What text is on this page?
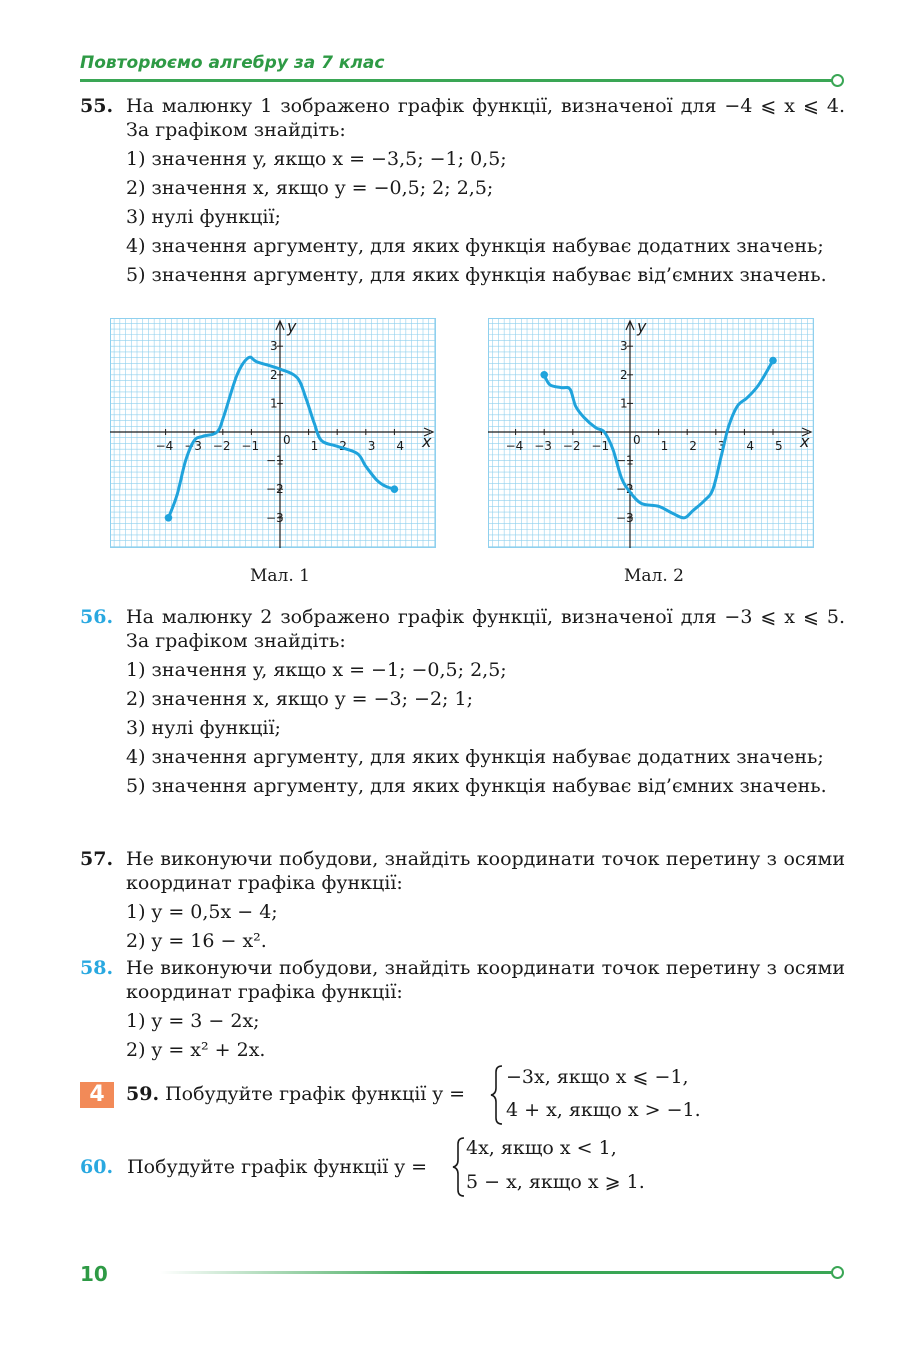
Повторюємо алгебру за 7 клас
55. На малюнку 1 зображено графік функції, визначеної для −4 ⩽ x ⩽ 4. За графіком знайдіть:
1) значення y, якщо x = −3,5; −1; 0,5;
2) значення x, якщо y = −0,5; 2; 2,5;
3) нулі функції;
4) значення аргументу, для яких функція набуває додатних значень;
5) значення аргументу, для яких функція набуває від’ємних значень.
x
y
0
−4 −3 −2 −1	1 2 3 4
3
2
1
−1
−2
−3
x
y
0
−4 −3 −2 −1	1 2 3 4 5
3
2
1
−1
−2
−3
Мал. 1	Мал. 2
56. На малюнку 2 зображено графік функції, визначеної для −3 ⩽ x ⩽ 5. За графіком знайдіть:
1) значення y, якщо x = −1; −0,5; 2,5;
2) значення x, якщо y = −3; −2; 1;
3) нулі функції;
4) значення аргументу, для яких функція набуває додатних значень;
5) значення аргументу, для яких функція набуває від’ємних значень.
57. Не виконуючи побудови, знайдіть координати точок перетину з осями координат графіка функції:
1) y = 0,5x − 4;
2) y = 16 − x².
58. Не виконуючи побудови, знайдіть координати точок перетину з осями координат графіка функції:
1) y = 3 − 2x;
2) y = x² + 2x.
4	59. Побудуйте графік функції y =
−3x, якщо x ⩽ −1,
4 + x, якщо x > −1.
60. Побудуйте графік функції y =
4x, якщо x < 1,
5 − x, якщо x ⩾ 1.
10
